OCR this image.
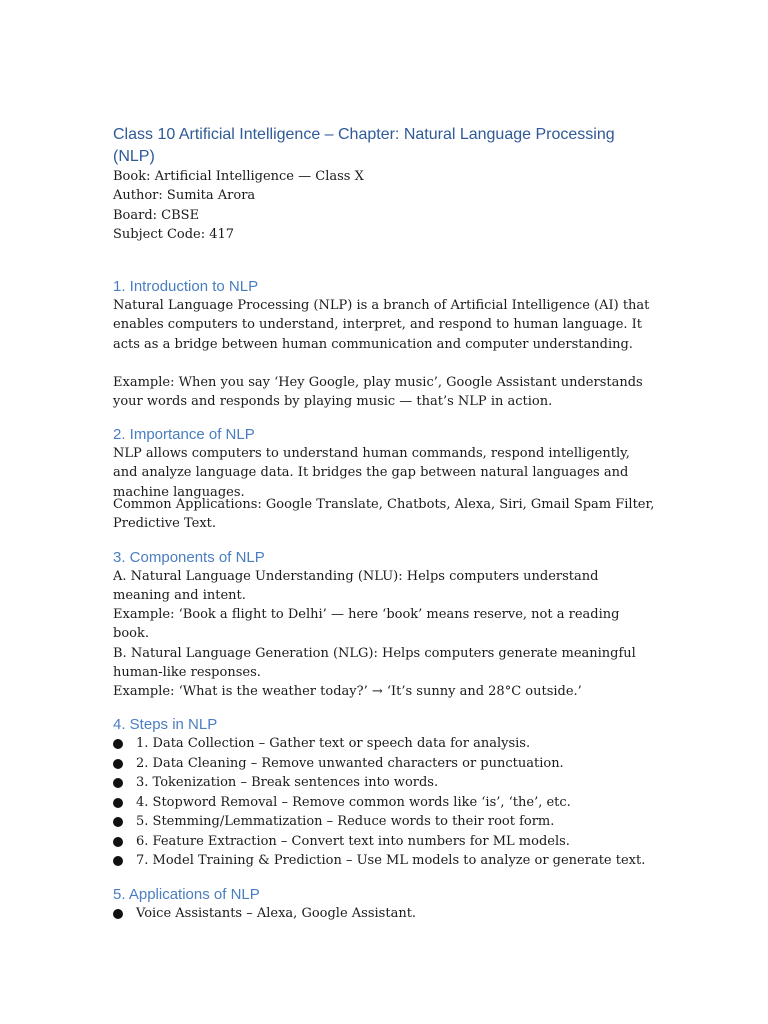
Class 10 Artificial Intelligence – Chapter: Natural Language Processing (NLP)
Book: Artificial Intelligence — Class X
Author: Sumita Arora
Board: CBSE
Subject Code: 417
1. Introduction to NLP

Natural Language Processing (NLP) is a branch of Artificial Intelligence (AI) that enables computers to understand, interpret, and respond to human language. It acts as a bridge between human communication and computer understanding.

Example: When you say ‘Hey Google, play music’, Google Assistant understands your words and responds by playing music — that’s NLP in action.

2. Importance of NLP

NLP allows computers to understand human commands, respond intelligently, and analyze language data. It bridges the gap between natural languages and machine languages.

Common Applications: Google Translate, Chatbots, Alexa, Siri, Gmail Spam Filter, Predictive Text.

3. Components of NLP

A. Natural Language Understanding (NLU): Helps computers understand meaning and intent.

Example: ‘Book a flight to Delhi’ — here ‘book’ means reserve, not a reading book.

B. Natural Language Generation (NLG): Helps computers generate meaningful human-like responses.

Example: ‘What is the weather today?’ → ‘It’s sunny and 28°C outside.’

4. Steps in NLP
1. Data Collection – Gather text or speech data for analysis.
2. Data Cleaning – Remove unwanted characters or punctuation.
3. Tokenization – Break sentences into words.
4. Stopword Removal – Remove common words like ‘is’, ‘the’, etc.
5. Stemming/Lemmatization – Reduce words to their root form.
6. Feature Extraction – Convert text into numbers for ML models.
7. Model Training & Prediction – Use ML models to analyze or generate text.
5. Applications of NLP
Voice Assistants – Alexa, Google Assistant.
